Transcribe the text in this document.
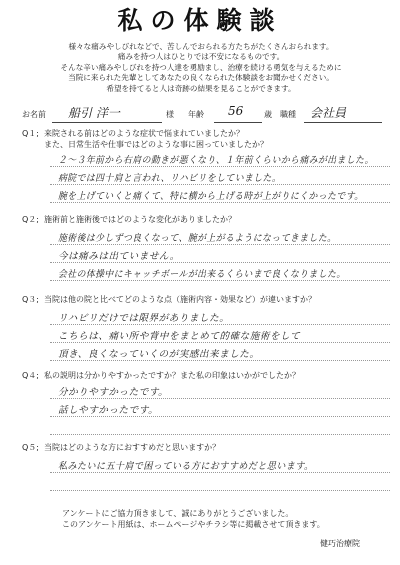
私の体験談
様々な痛みやしびれなどで、苦しんでおられる方たちがたくさんおられます。
痛みを持つ人はひとりでは不安になるものです。
そんな辛い痛みやしびれを持つ人達を勇励まし、治療を続ける勇気を与えるために
当院に来られた先輩としてあなたの良くなられた体験談をお聞かせください。
希望を持てると人は奇跡の結果を見ることができます。
お名前 船引 洋一	様 年齢 56	歳 職種 会社員
Q１; 来院される前はどのような症状で悩まれていましたか？
また、日常生活や仕事ではどのような事に困っていましたか？
２〜３年前から右肩の動きが悪くなり、１年前くらいから痛みが出ました。
病院では四十肩と言われ、リハビリをしていました。
腕を上げていくと痛くて、特に横から上げる時が上がりにくかったです。
Q２; 施術前と施術後ではどのような変化がありましたか？
施術後は少しずつ良くなって、腕が上がるようになってきました。
今は痛みは出ていません。
会社の体操中にキャッチボールが出来るくらいまで良くなりました。
Q３; 当院は他の院と比べてどのような点（施術内容・効果など）が違いますか？
リハビリだけでは限界がありました。
こちらは、痛い所や背中をまとめて的確な施術をして
頂き、良くなっていくのが実感出来ました。
Q４; 私の説明は分かりやすかったですか？また私の印象はいかがでしたか？
分かりやすかったです。
話しやすかったです。
Q５; 当院はどのような方におすすめだと思いますか？
私みたいに五十肩で困っている方におすすめだと思います。
アンケートにご協力頂きまして、誠にありがとうございました。
このアンケート用紙は、ホームページやチラシ等に掲載させて頂きます。
健巧治療院
